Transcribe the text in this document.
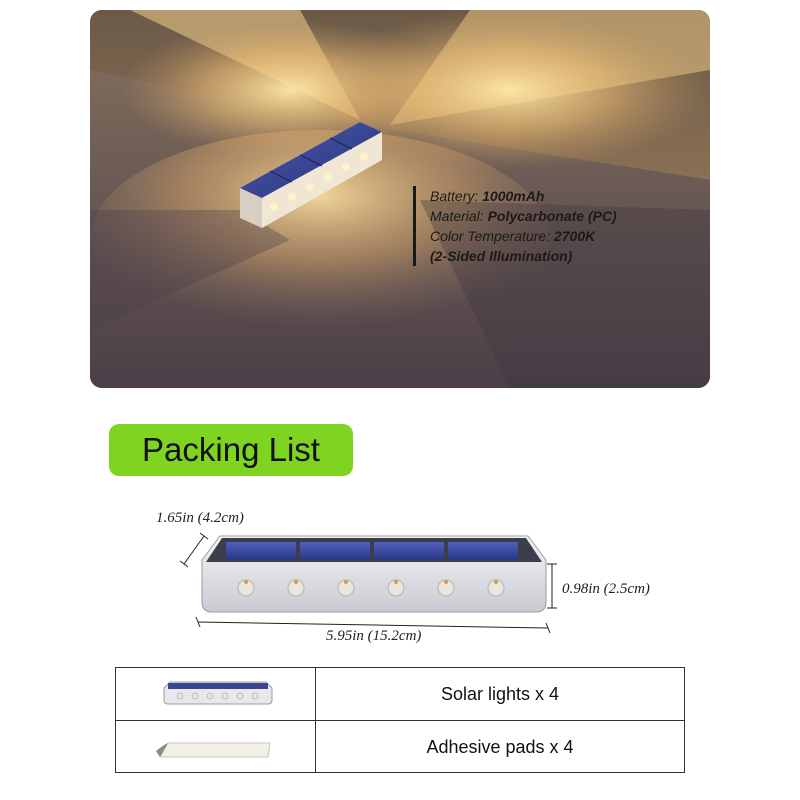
Battery: 1000mAh
Material: Polycarbonate (PC)
Color Temperature: 2700K
(2-Sided Illumination)
Packing List
1.65in (4.2cm)
0.98in (2.5cm)
5.95in (15.2cm)
Solar lights x 4
Adhesive pads x 4
